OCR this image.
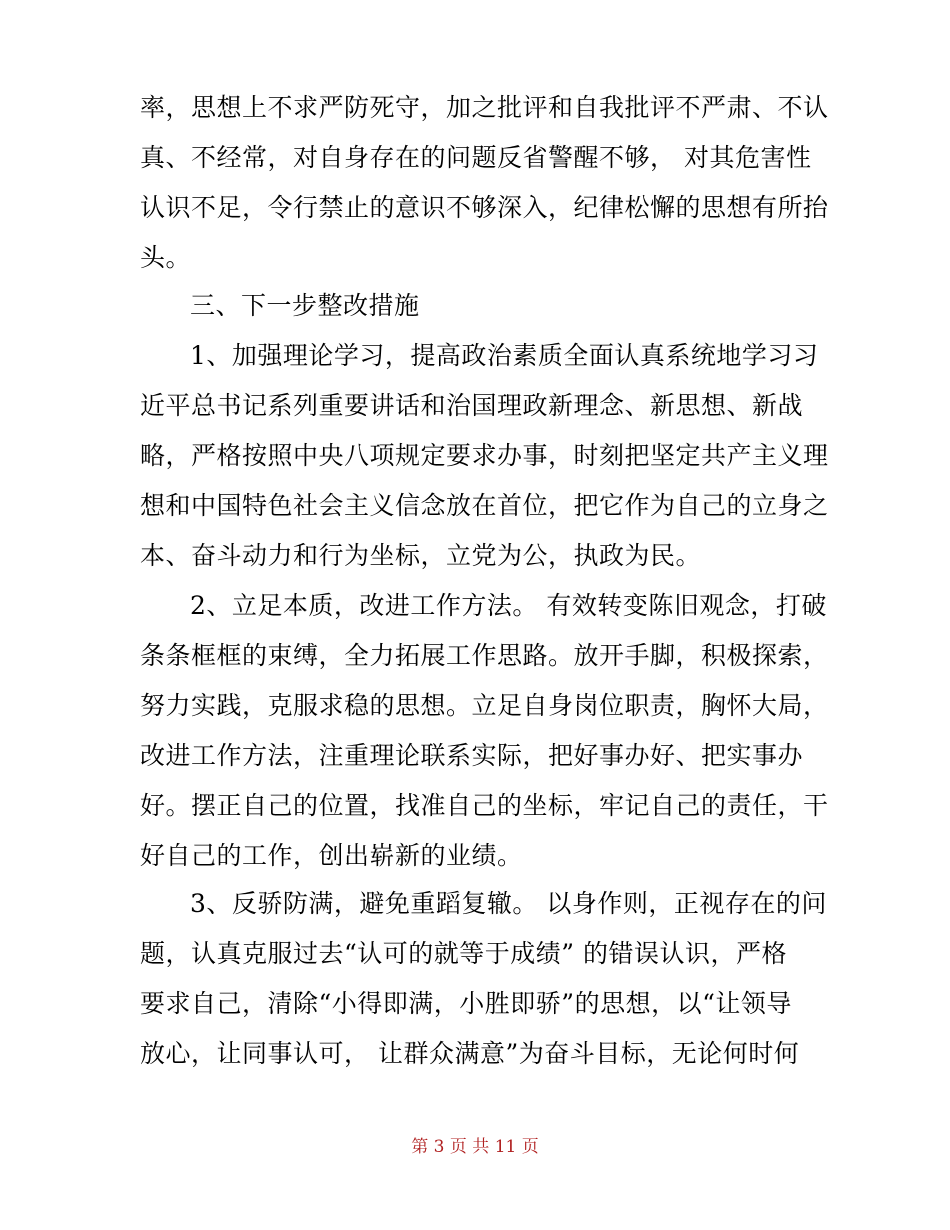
率，思想上不求严防死守，加之批评和自我批评不严肃、不认
真、不经常，对自身存在的问题反省警醒不够， 对其危害性
认识不足，令行禁止的意识不够深入，纪律松懈的思想有所抬
头。
三、下一步整改措施
1、加强理论学习，提高政治素质全面认真系统地学习习
近平总书记系列重要讲话和治国理政新理念、新思想、新战
略，严格按照中央八项规定要求办事，时刻把坚定共产主义理
想和中国特色社会主义信念放在首位，把它作为自己的立身之
本、奋斗动力和行为坐标，立党为公，执政为民。
2、立足本质，改进工作方法。 有效转变陈旧观念，打破
条条框框的束缚，全力拓展工作思路。放开手脚，积极探索，
努力实践，克服求稳的思想。立足自身岗位职责，胸怀大局，
改进工作方法，注重理论联系实际，把好事办好、把实事办
好。摆正自己的位置，找准自己的坐标，牢记自己的责任，干
好自己的工作，创出崭新的业绩。
3、反骄防满，避免重蹈复辙。 以身作则，正视存在的问
题，认真克服过去“认可的就等于成绩” 的错误认识，严格
要求自己，清除“小得即满，小胜即骄”的思想，以“让领导
放心，让同事认可， 让群众满意”为奋斗目标，无论何时何
第 3 页 共 11 页
